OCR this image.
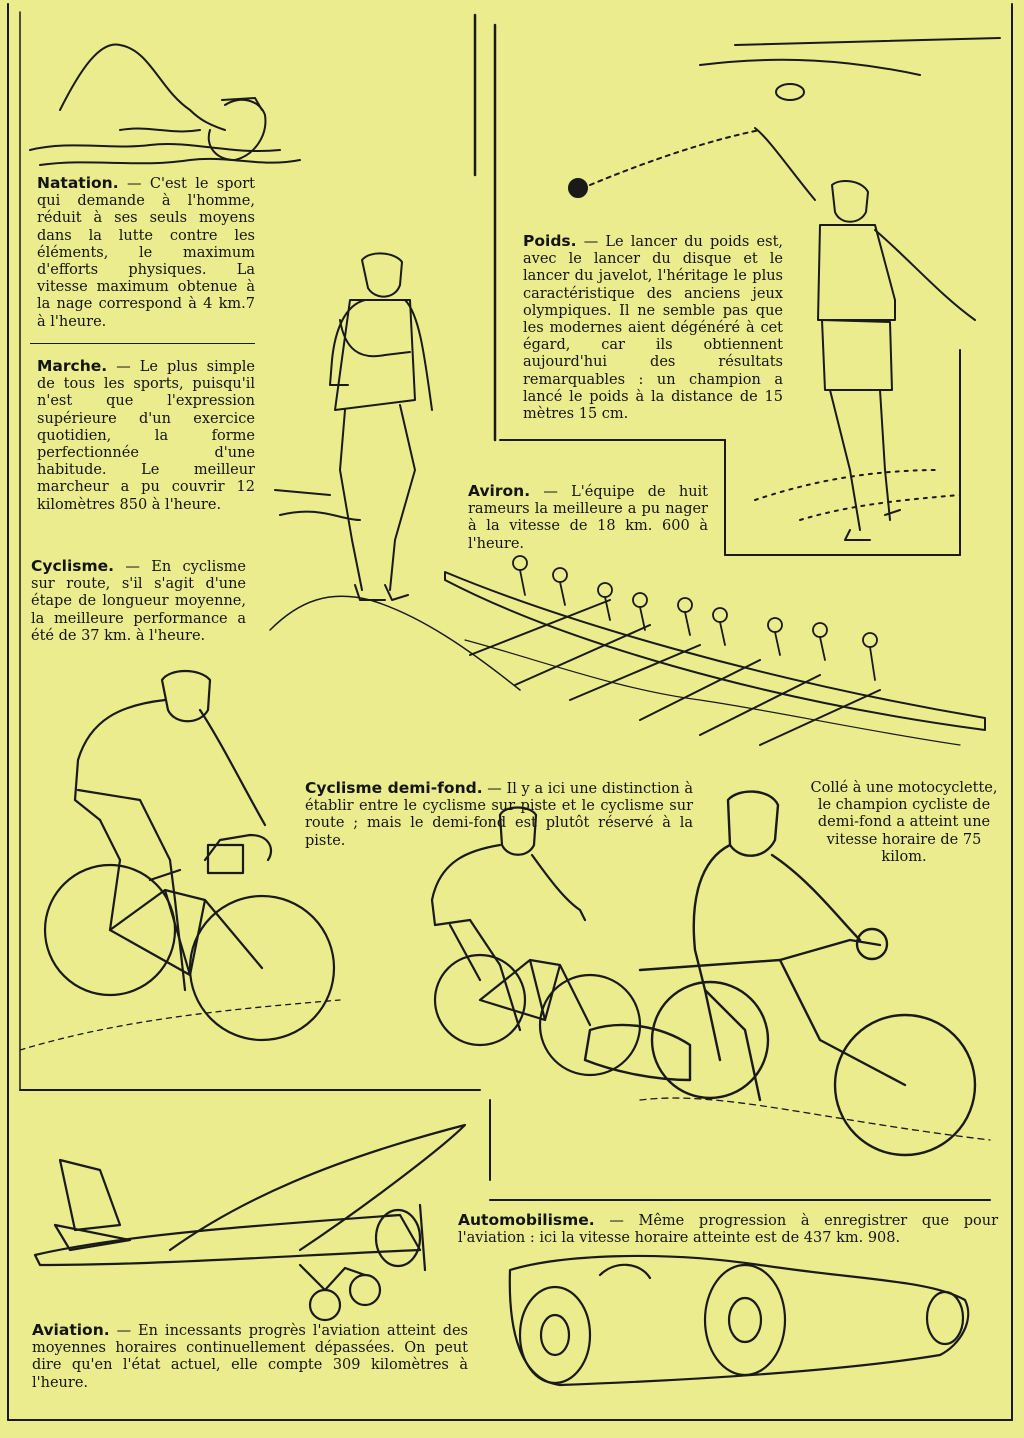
Natation. — C'est le sport qui demande à l'homme, réduit à ses seuls moyens dans la lutte contre les éléments, le maximum d'efforts physiques. La vitesse maximum obtenue à la nage correspond à 4 km.7 à l'heure.
Marche. — Le plus simple de tous les sports, puisqu'il n'est que l'expression supérieure d'un exercice quotidien, la forme perfectionnée d'une habitude. Le meilleur marcheur a pu couvrir 12 kilomètres 850 à l'heure.
Poids. — Le lancer du poids est, avec le lancer du disque et le lancer du javelot, l'héritage le plus caractéristique des anciens jeux olympiques. Il ne semble pas que les modernes aient dégénéré à cet égard, car ils obtiennent aujourd'hui des résultats remarquables : un champion a lancé le poids à la distance de 15 mètres 15 cm.
Aviron. — L'équipe de huit rameurs la meilleure a pu nager à la vitesse de 18 km. 600 à l'heure.
Cyclisme. — En cyclisme sur route, s'il s'agit d'une étape de longueur moyenne, la meilleure performance a été de 37 km. à l'heure.
Cyclisme demi-fond. — Il y a ici une distinction à établir entre le cyclisme sur piste et le cyclisme sur route ; mais le demi-fond est plutôt réservé à la piste.
Collé à une motocyclette, le champion cycliste de demi-fond a atteint une vitesse horaire de 75 kilom.
Automobilisme. — Même progression à enregistrer que pour l'aviation : ici la vitesse horaire atteinte est de 437 km. 908.
Aviation. — En incessants progrès l'aviation atteint des moyennes horaires continuellement dépassées. On peut dire qu'en l'état actuel, elle compte 309 kilomètres à l'heure.
